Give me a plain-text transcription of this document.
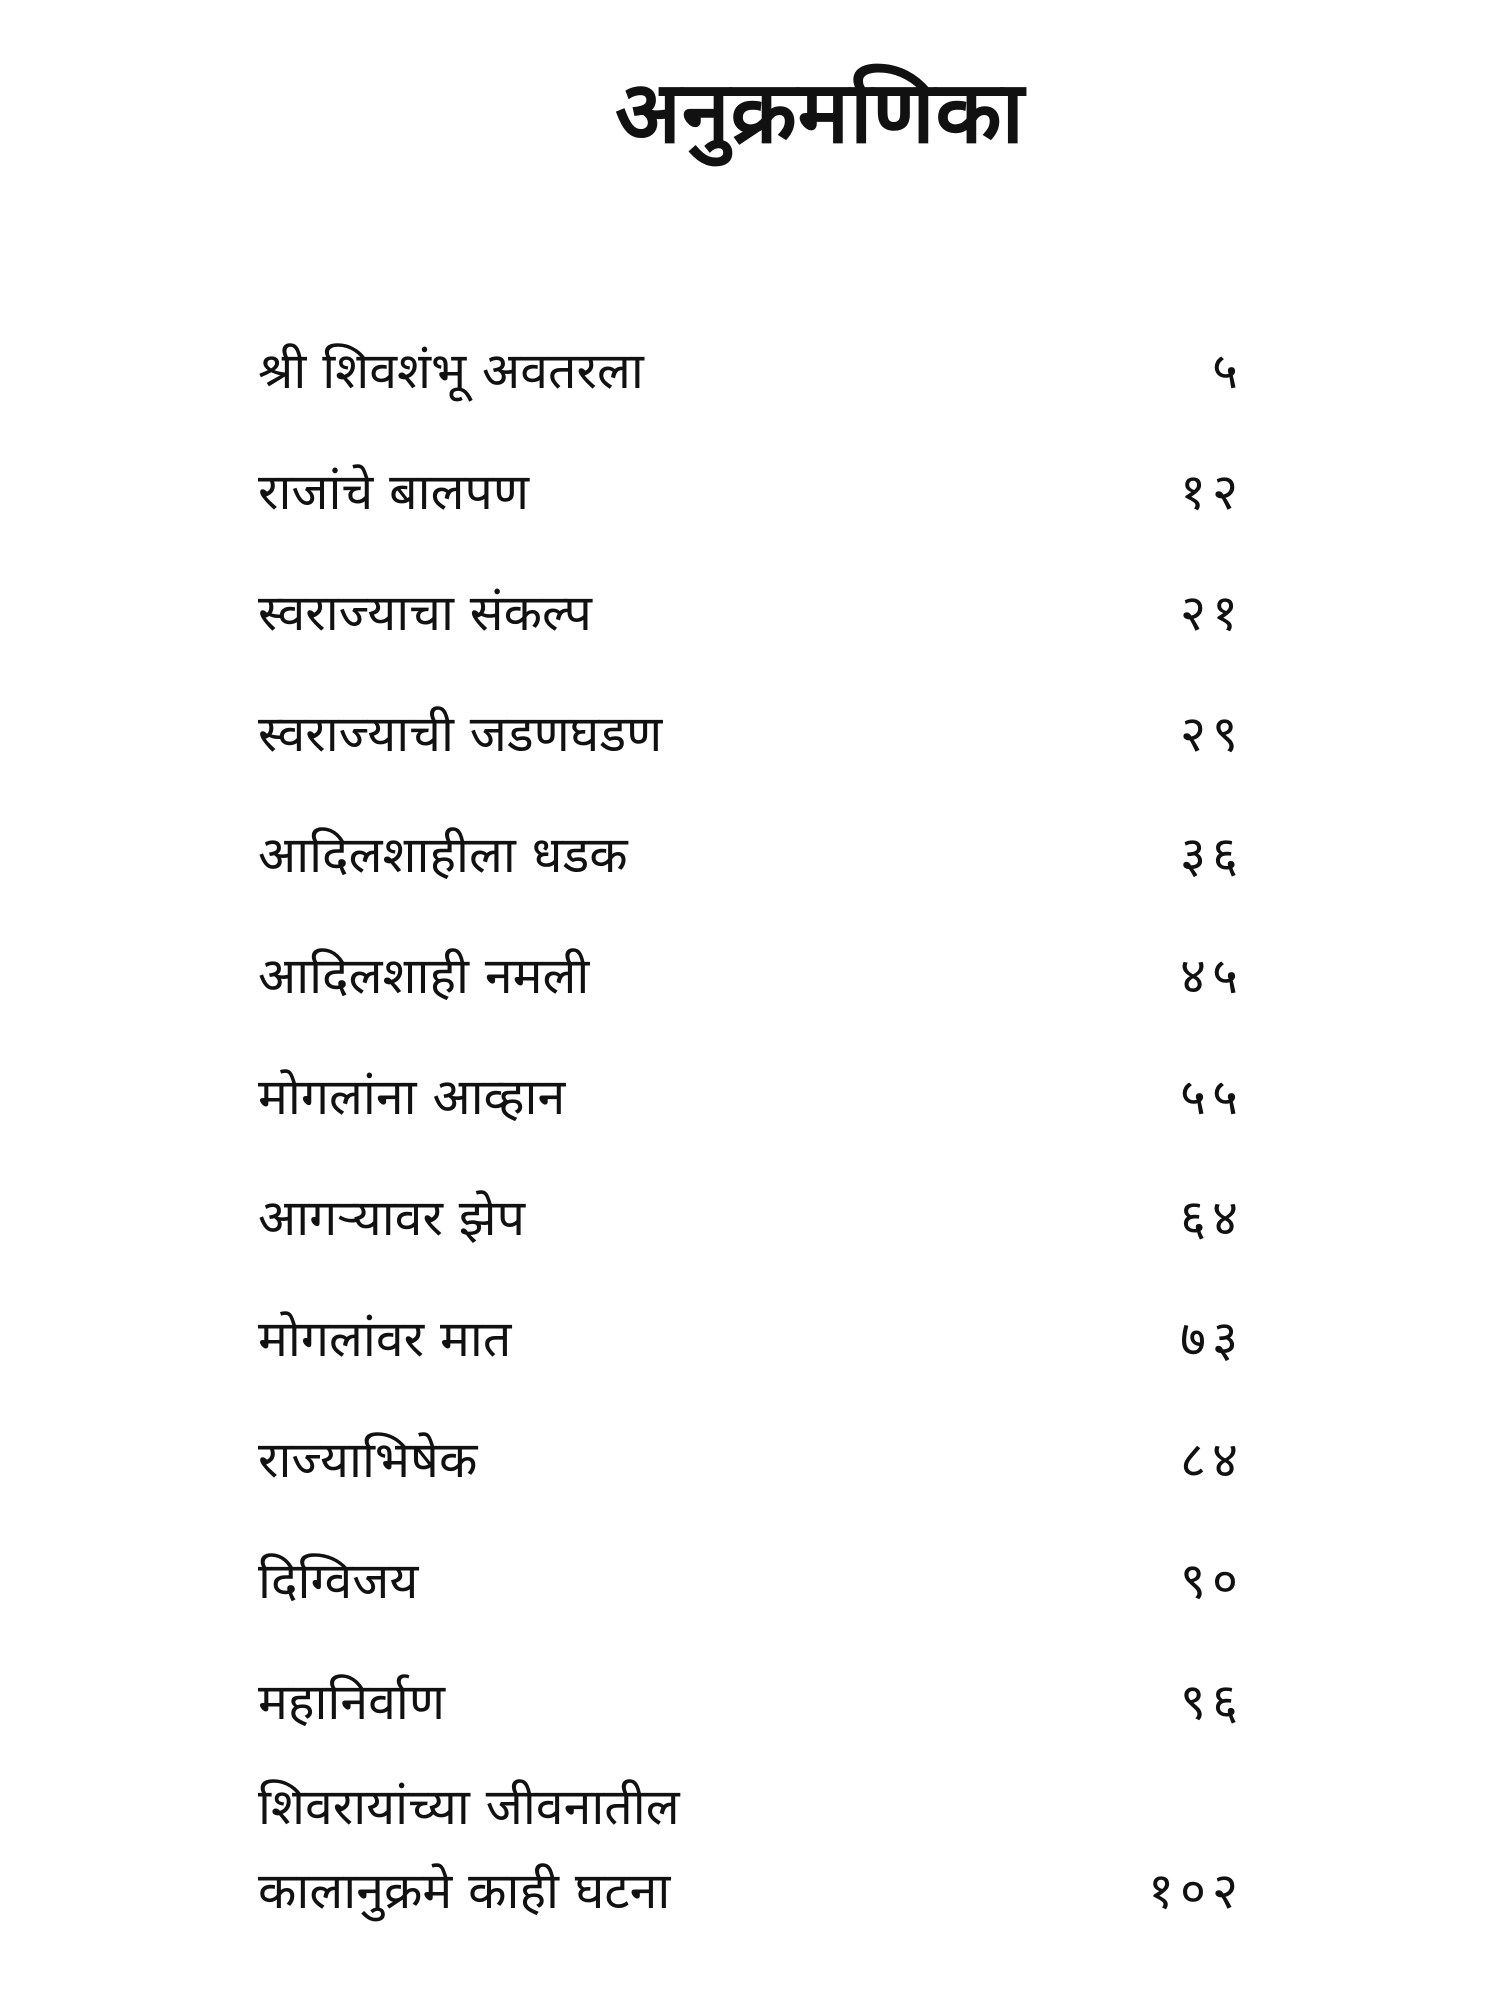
अनुक्रमणिका
श्री शिवशंभू अवतरला	५
राजांचे बालपण	१२
स्वराज्याचा संकल्प	२१
स्वराज्याची जडणघडण	२९
आदिलशाहीला धडक	३६
आदिलशाही नमली	४५
मोगलांना आव्हान	५५
आगऱ्यावर झेप	६४
मोगलांवर मात	७३
राज्याभिषेक	८४
दिग्विजय	९०
महानिर्वाण	९६
शिवरायांच्या जीवनातील
कालानुक्रमे काही घटना	१०२
